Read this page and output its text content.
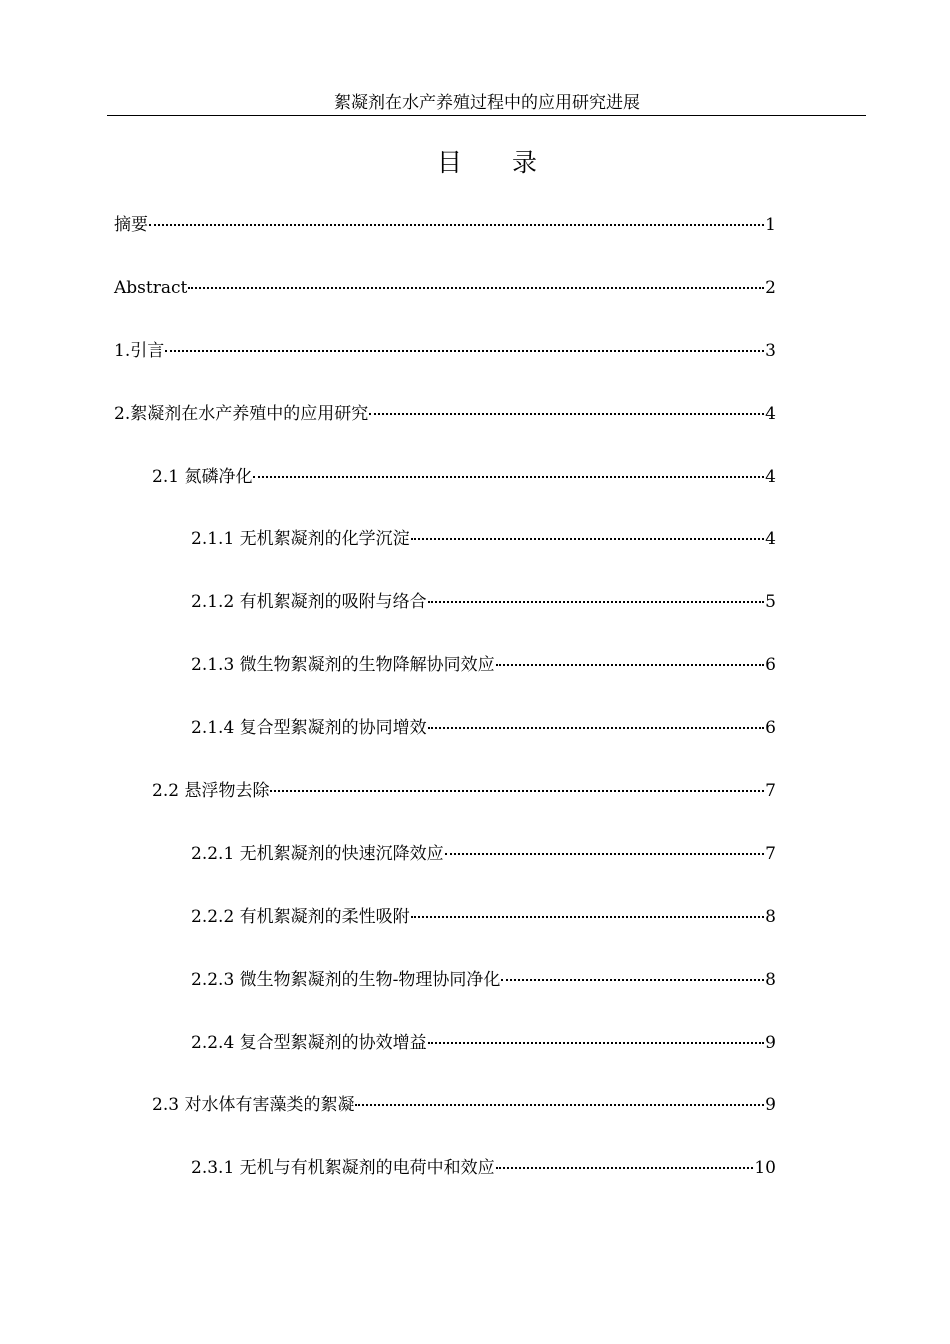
絮凝剂在水产养殖过程中的应用研究进展
目录
摘要	1
Abstract	2
1.引言	3
2.絮凝剂在水产养殖中的应用研究	4
2.1 氮磷净化	4
2.1.1 无机絮凝剂的化学沉淀	4
2.1.2 有机絮凝剂的吸附与络合	5
2.1.3 微生物絮凝剂的生物降解协同效应	6
2.1.4 复合型絮凝剂的协同增效	6
2.2 悬浮物去除	7
2.2.1 无机絮凝剂的快速沉降效应	7
2.2.2 有机絮凝剂的柔性吸附	8
2.2.3 微生物絮凝剂的生物-物理协同净化	8
2.2.4 复合型絮凝剂的协效增益	9
2.3 对水体有害藻类的絮凝	9
2.3.1 无机与有机絮凝剂的电荷中和效应	10
